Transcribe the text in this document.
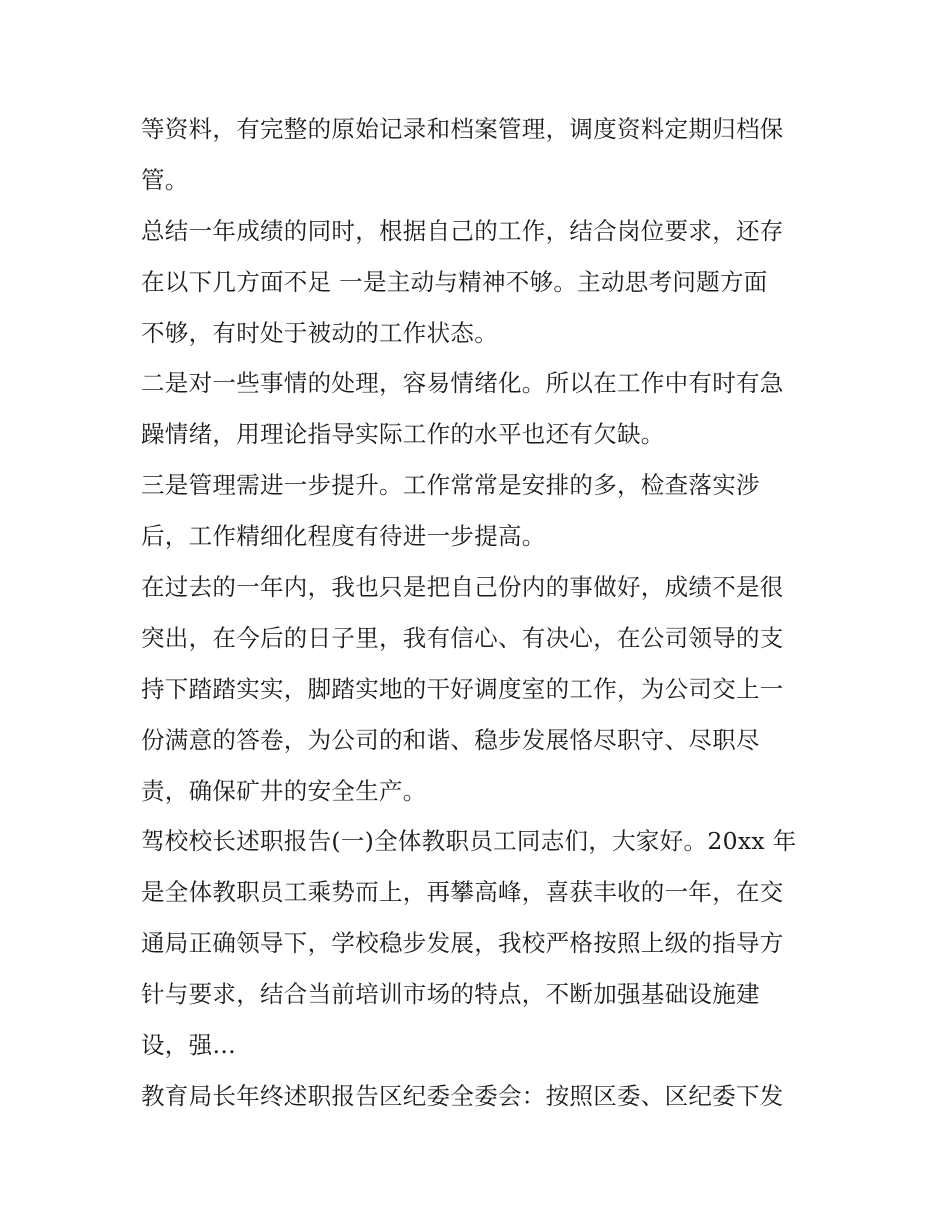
等资料，有完整的原始记录和档案管理，调度资料定期归档保
管。
总结一年成绩的同时，根据自己的工作，结合岗位要求，还存
在以下几方面不足 一是主动与精神不够。主动思考问题方面
不够，有时处于被动的工作状态。
二是对一些事情的处理，容易情绪化。所以在工作中有时有急
躁情绪，用理论指导实际工作的水平也还有欠缺。
三是管理需进一步提升。工作常常是安排的多，检查落实涉
后，工作精细化程度有待进一步提高。
在过去的一年内，我也只是把自己份内的事做好，成绩不是很
突出，在今后的日子里，我有信心、有决心，在公司领导的支
持下踏踏实实，脚踏实地的干好调度室的工作，为公司交上一
份满意的答卷，为公司的和谐、稳步发展恪尽职守、尽职尽
责，确保矿井的安全生产。
驾校校长述职报告(一)全体教职员工同志们，大家好。20xx 年
是全体教职员工乘势而上，再攀高峰，喜获丰收的一年，在交
通局正确领导下，学校稳步发展，我校严格按照上级的指导方
针与要求，结合当前培训市场的特点，不断加强基础设施建
设，强…
教育局长年终述职报告区纪委全委会：按照区委、区纪委下发
